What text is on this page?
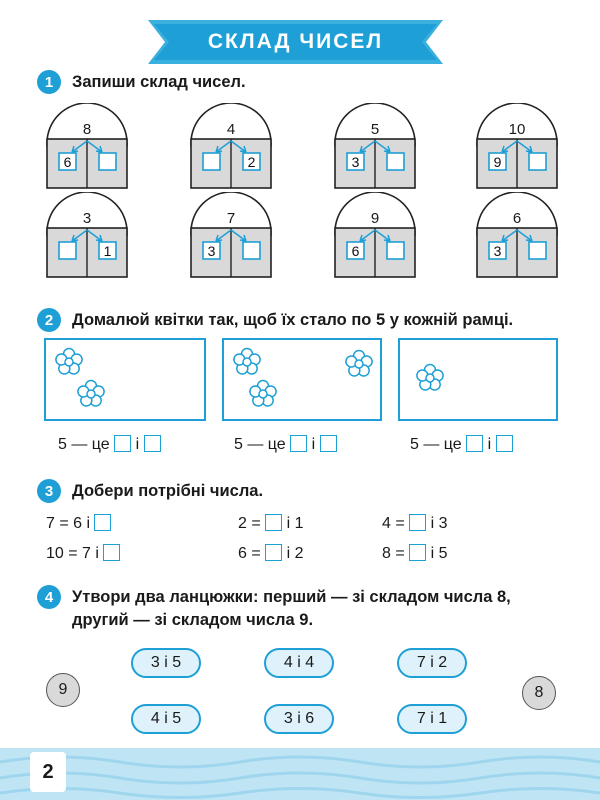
СКЛАД ЧИСЕЛ
1	Запиши склад чисел.
8
6
4
2
5
3
10
9
3
1
7
3
9
6
6
3
2	Домалюй квітки так, щоб їх стало по 5 у кожній рамці.
5 — це і	5 — це і	5 — це і
3	Добери потрібні числа.
7 = 6 і
10 = 7 і
2 = і 1
6 = і 2
4 = і 3
8 = і 5
4	Утвори два ланцюжки: перший — зі складом числа 8,
другий — зі складом числа 9.
9	8
3 і 5	4 і 4	7 і 2
4 і 5	3 і 6	7 і 1
2
